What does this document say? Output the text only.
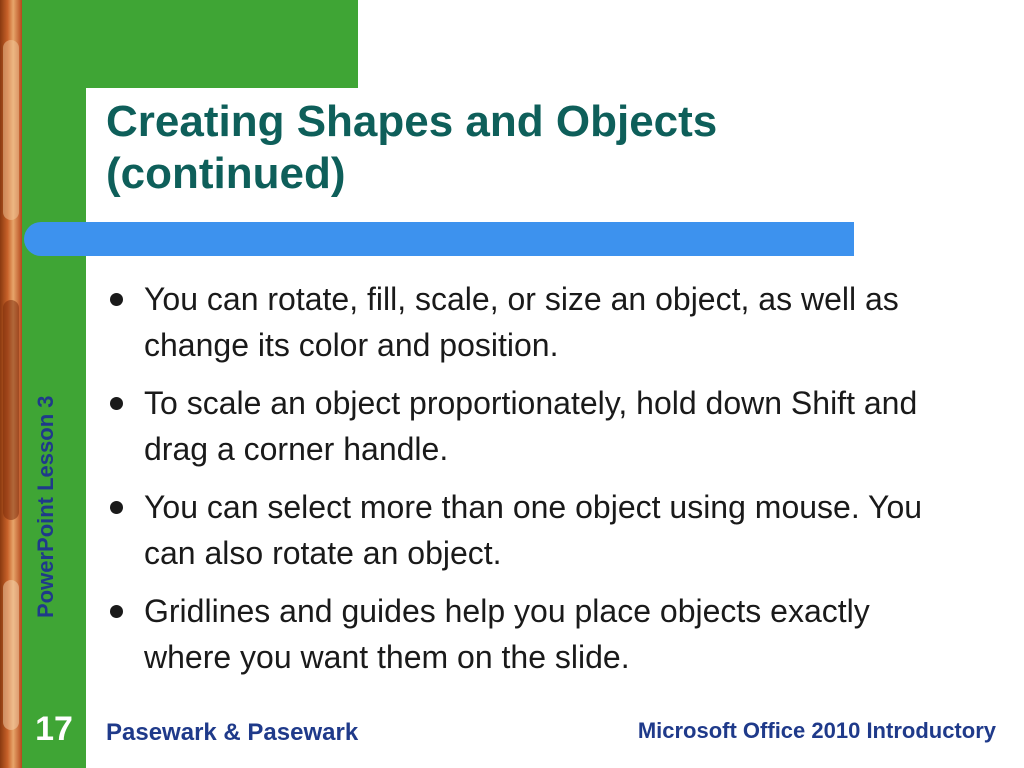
PowerPoint Lesson 3
Creating Shapes and Objects (continued)
You can rotate, fill, scale, or size an object, as well as change its color and position.
To scale an object proportionately, hold down Shift and drag a corner handle.
You can select more than one object using mouse. You can also rotate an object.
Gridlines and guides help you place objects exactly where you want them on the slide.
17	Pasewark & Pasewark	Microsoft Office 2010 Introductory
